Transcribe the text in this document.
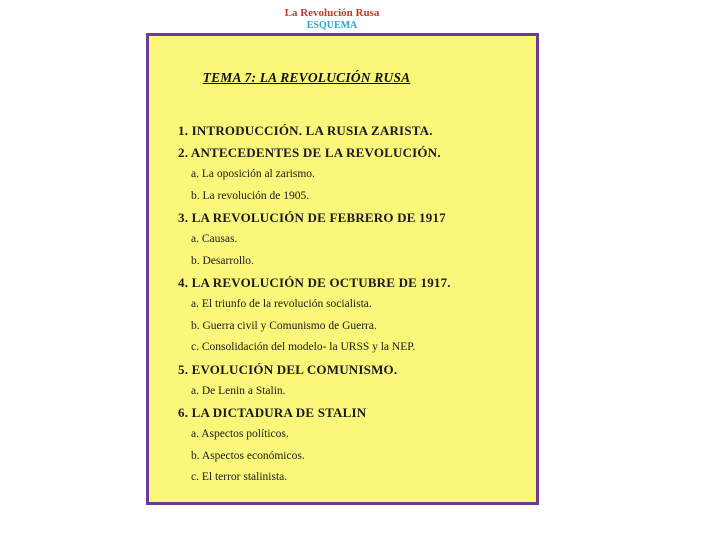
La Revolución Rusa
ESQUEMA
TEMA 7: LA REVOLUCIÓN RUSA
1. INTRODUCCIÓN. LA RUSIA ZARISTA.
2. ANTECEDENTES DE LA REVOLUCIÓN.
a. La oposición al zarismo.
b. La revolución de 1905.
3. LA REVOLUCIÓN DE FEBRERO DE 1917
a. Causas.
b. Desarrollo.
4. LA REVOLUCIÓN DE OCTUBRE DE 1917.
a. El triunfo de la revolución socialista.
b. Guerra civil y Comunismo de Guerra.
c. Consolidación del modelo- la URSS y la NEP.
5. EVOLUCIÓN DEL COMUNISMO.
a. De Lenin a Stalin.
6. LA DICTADURA DE STALIN
a. Aspectos políticos.
b. Aspectos económicos.
c. El terror stalinista.
